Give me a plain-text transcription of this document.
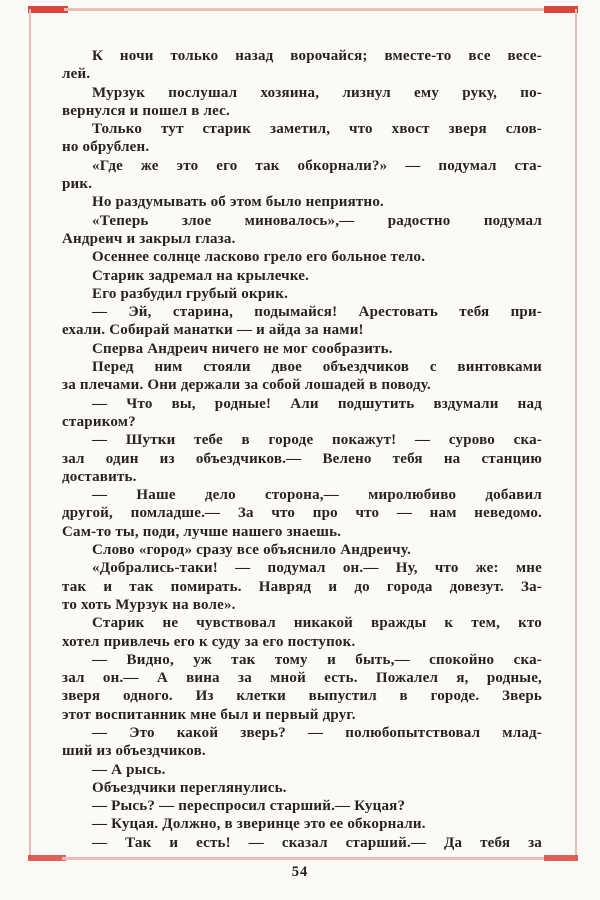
К ночи только назад ворочайся; вместе-то все весе-
лей.
Мурзук послушал хозяина, лизнул ему руку, по-
вернулся и пошел в лес.
Только тут старик заметил, что хвост зверя слов-
но обрублен.
«Где же это его так обкорнали?» — подумал ста-
рик.
Но раздумывать об этом было неприятно.
«Теперь злое миновалось»,— радостно подумал
Андреич и закрыл глаза.
Осеннее солнце ласково грело его больное тело.
Старик задремал на крылечке.
Его разбудил грубый окрик.
— Эй, старина, подымайся! Арестовать тебя при-
ехали. Собирай манатки — и айда за нами!
Сперва Андреич ничего не мог сообразить.
Перед ним стояли двое объездчиков с винтовками
за плечами. Они держали за собой лошадей в поводу.
— Что вы, родные! Али подшутить вздумали над
стариком?
— Шутки тебе в городе покажут! — сурово ска-
зал один из объездчиков.— Велено тебя на станцию
доставить.
— Наше дело сторона,— миролюбиво добавил
другой, помладше.— За что про что — нам неведомо.
Сам-то ты, поди, лучше нашего знаешь.
Слово «город» сразу все объяснило Андреичу.
«Добрались-таки! — подумал он.— Ну, что же: мне
так и так помирать. Навряд и до города довезут. За-
то хоть Мурзук на воле».
Старик не чувствовал никакой вражды к тем, кто
хотел привлечь его к суду за его поступок.
— Видно, уж так тому и быть,— спокойно ска-
зал он.— А вина за мной есть. Пожалел я, родные,
зверя одного. Из клетки выпустил в городе. Зверь
этот воспитанник мне был и первый друг.
— Это какой зверь? — полюбопытствовал млад-
ший из объездчиков.
— А рысь.
Объездчики переглянулись.
— Рысь? — переспросил старший.— Куцая?
— Куцая. Должно, в зверинце это ее обкорнали.
— Так и есть! — сказал старший.— Да тебя за
54
